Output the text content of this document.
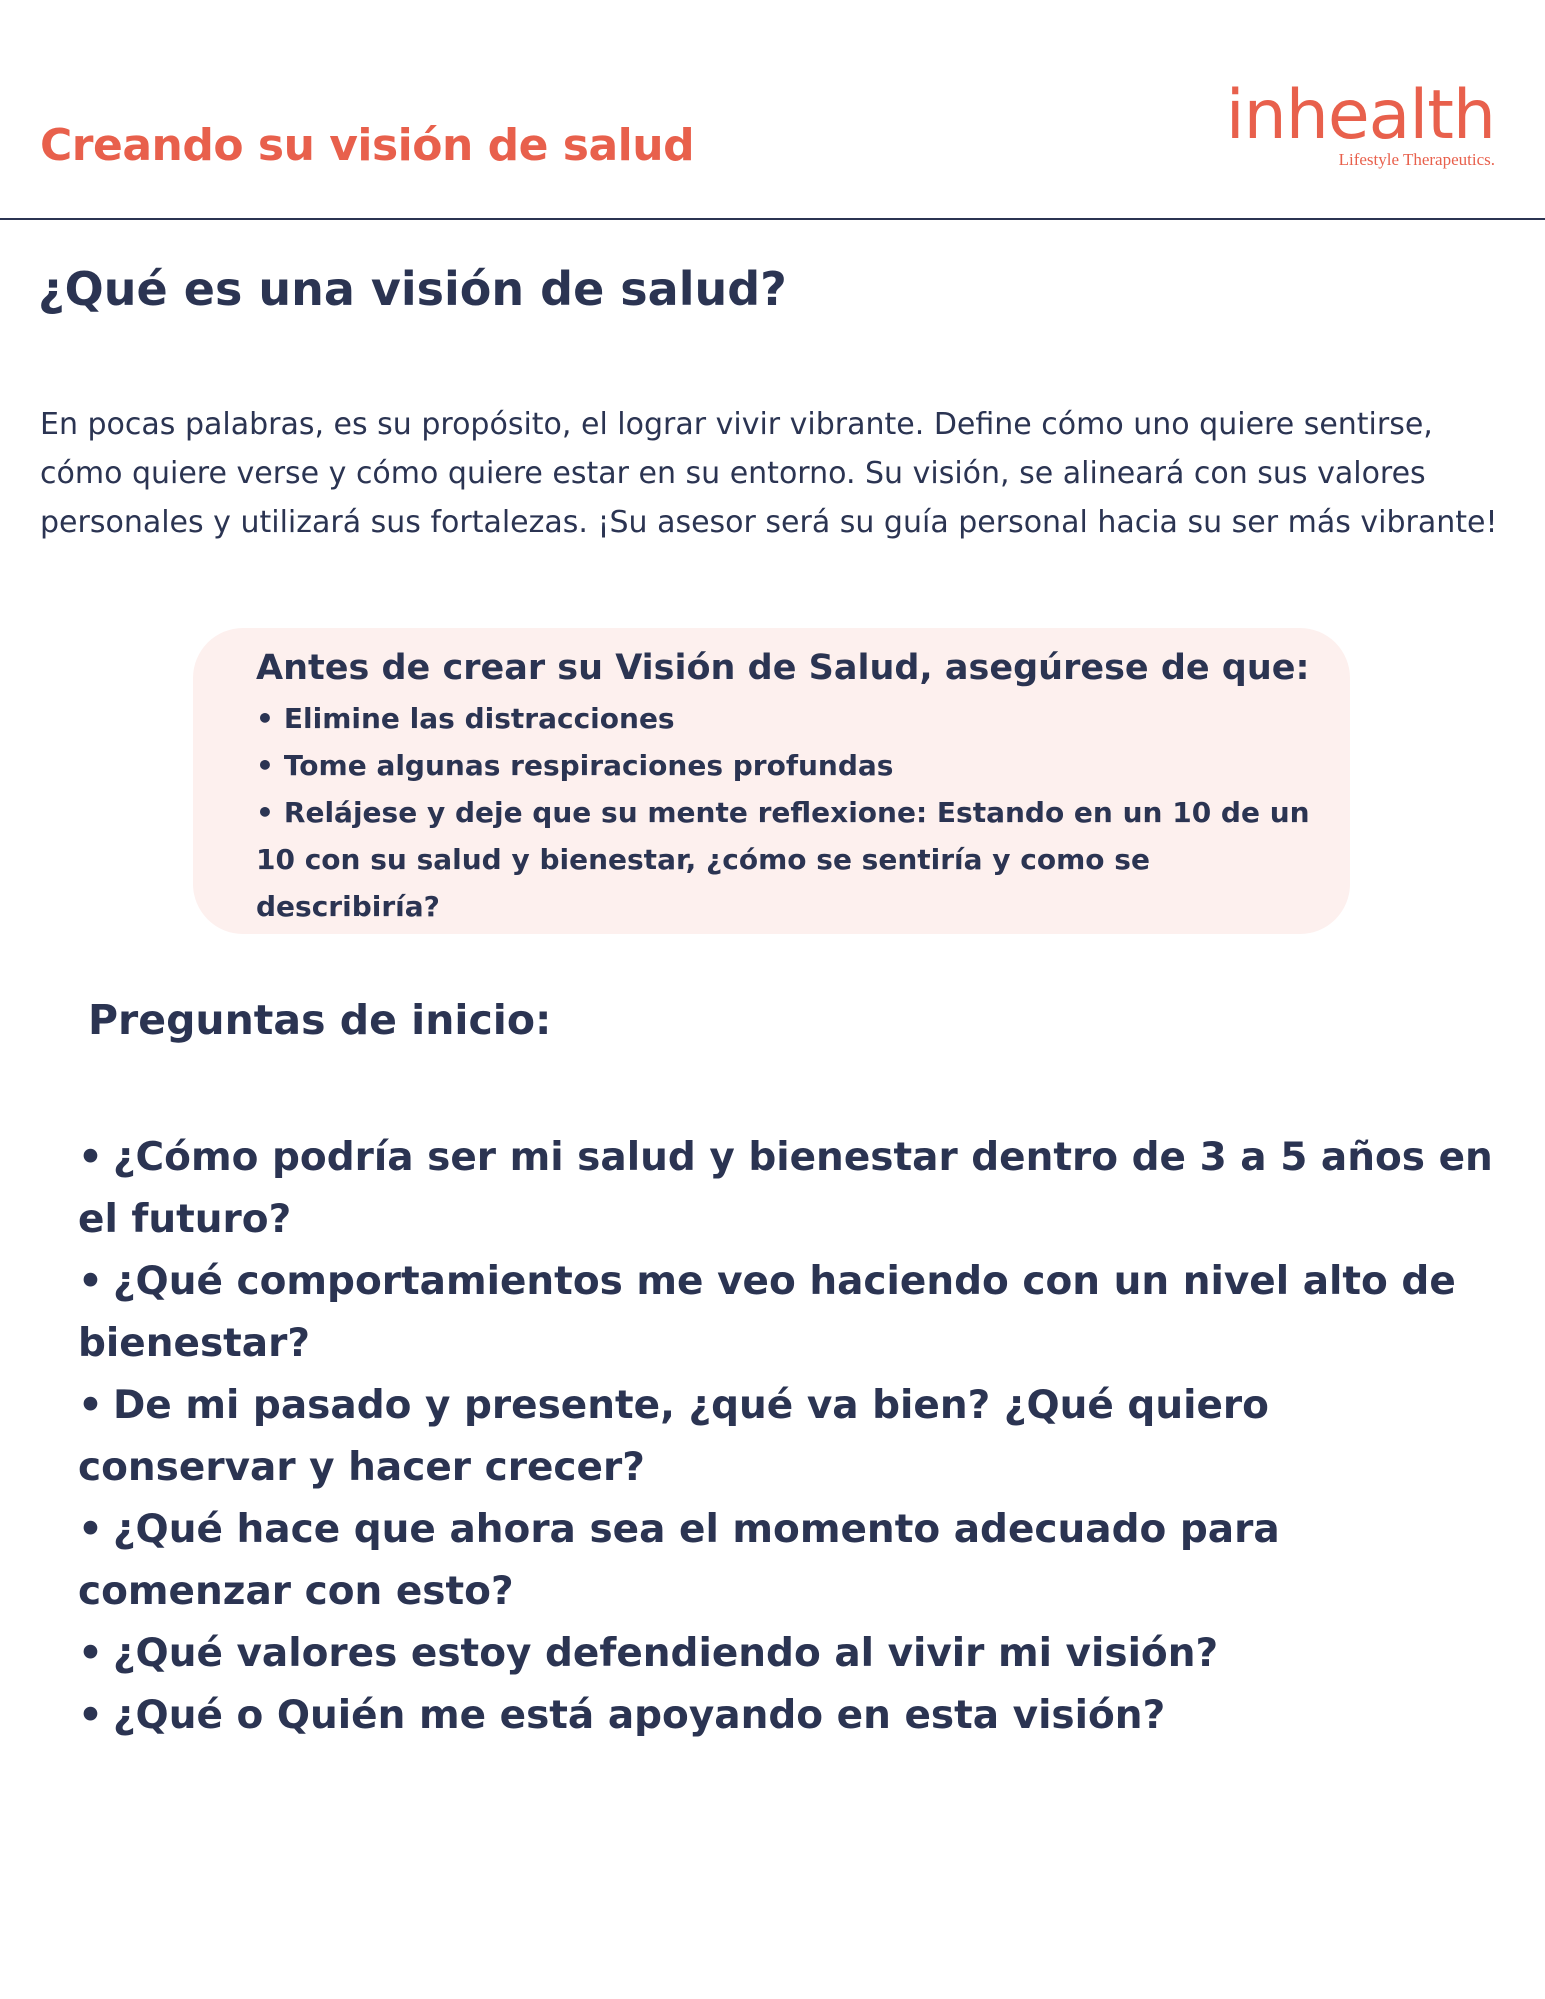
Creando su visión de salud	inhealth
Lifestyle Therapeutics.
¿Qué es una visión de salud?

En pocas palabras, es su propósito, el lograr vivir vibrante. Define cómo uno quiere sentirse, cómo quiere verse y cómo quiere estar en su entorno. Su visión, se alineará con sus valores personales y utilizará sus fortalezas. ¡Su asesor será su guía personal hacia su ser más vibrante!

Antes de crear su Visión de Salud, asegúrese de que:
• Elimine las distracciones
• Tome algunas respiraciones profundas
• Relájese y deje que su mente reflexione: Estando en un 10 de un 10 con su salud y bienestar, ¿cómo se sentiría y como se describiría?
Preguntas de inicio:
• ¿Cómo podría ser mi salud y bienestar dentro de 3 a 5 años en el futuro?
• ¿Qué comportamientos me veo haciendo con un nivel alto de bienestar?
• De mi pasado y presente, ¿qué va bien? ¿Qué quiero conservar y hacer crecer?
• ¿Qué hace que ahora sea el momento adecuado para comenzar con esto?
• ¿Qué valores estoy defendiendo al vivir mi visión?
• ¿Qué o Quién me está apoyando en esta visión?
